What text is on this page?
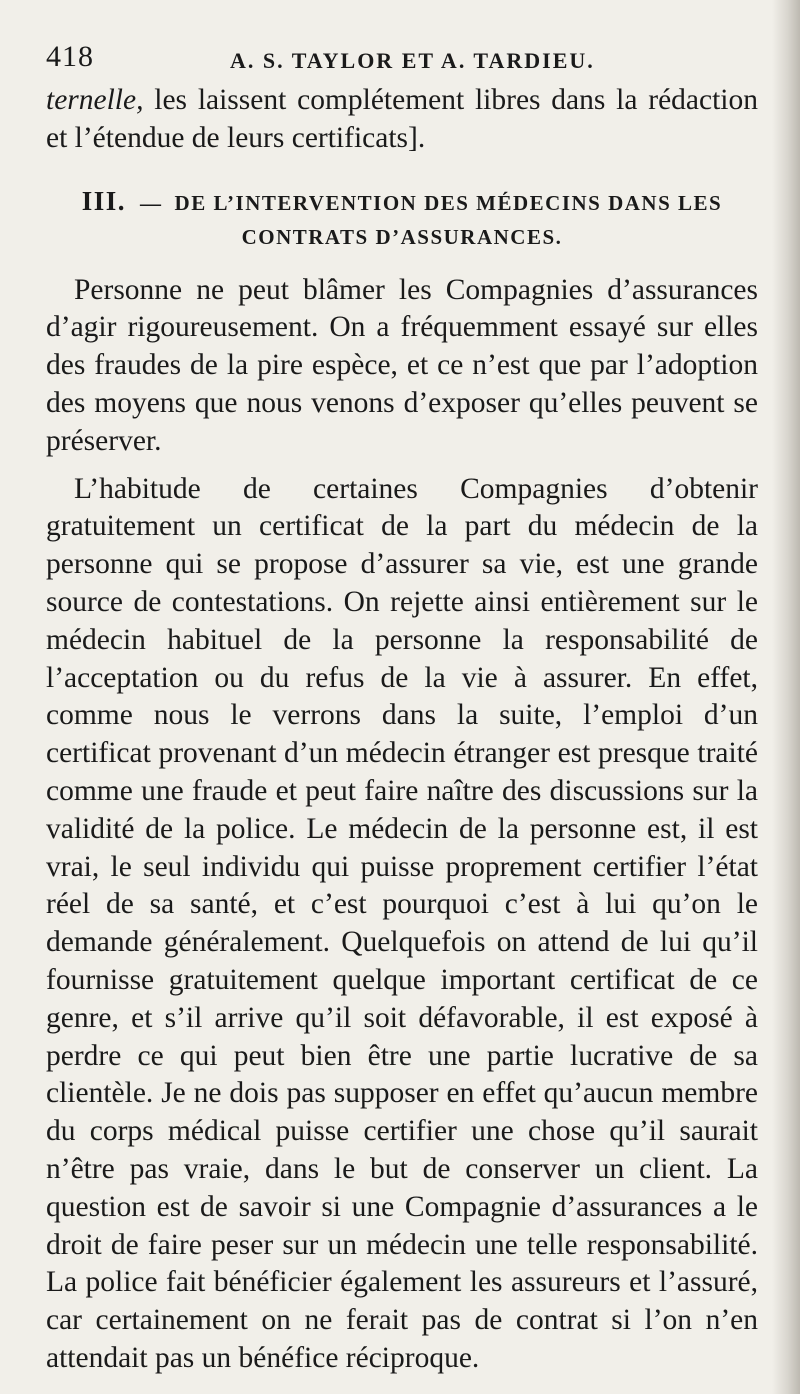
418	A. S. TAYLOR ET A. TARDIEU.

ternelle, les laissent complétement libres dans la rédaction et l’étendue de leurs certificats].

III. — DE L’INTERVENTION DES MÉDECINS DANS LES
CONTRATS D’ASSURANCES.

Personne ne peut blâmer les Compagnies d’assurances d’agir rigoureusement. On a fréquemment essayé sur elles des fraudes de la pire espèce, et ce n’est que par l’adoption des moyens que nous venons d’exposer qu’elles peuvent se préserver.

L’habitude de certaines Compagnies d’obtenir gratuitement un certificat de la part du médecin de la personne qui se propose d’assurer sa vie, est une grande source de contestations. On rejette ainsi entièrement sur le médecin habituel de la personne la responsabilité de l’acceptation ou du refus de la vie à assurer. En effet, comme nous le verrons dans la suite, l’emploi d’un certificat provenant d’un médecin étranger est presque traité comme une fraude et peut faire naître des discussions sur la validité de la police. Le médecin de la personne est, il est vrai, le seul individu qui puisse proprement certifier l’état réel de sa santé, et c’est pourquoi c’est à lui qu’on le demande généralement. Quelquefois on attend de lui qu’il fournisse gratuitement quelque important certificat de ce genre, et s’il arrive qu’il soit défavorable, il est exposé à perdre ce qui peut bien être une partie lucrative de sa clientèle. Je ne dois pas supposer en effet qu’aucun membre du corps médical puisse certifier une chose qu’il saurait n’être pas vraie, dans le but de conserver un client. La question est de savoir si une Compagnie d’assurances a le droit de faire peser sur un médecin une telle responsabilité. La police fait bénéficier également les assureurs et l’assuré, car certainement on ne ferait pas de contrat si l’on n’en attendait pas un bénéfice réciproque.
